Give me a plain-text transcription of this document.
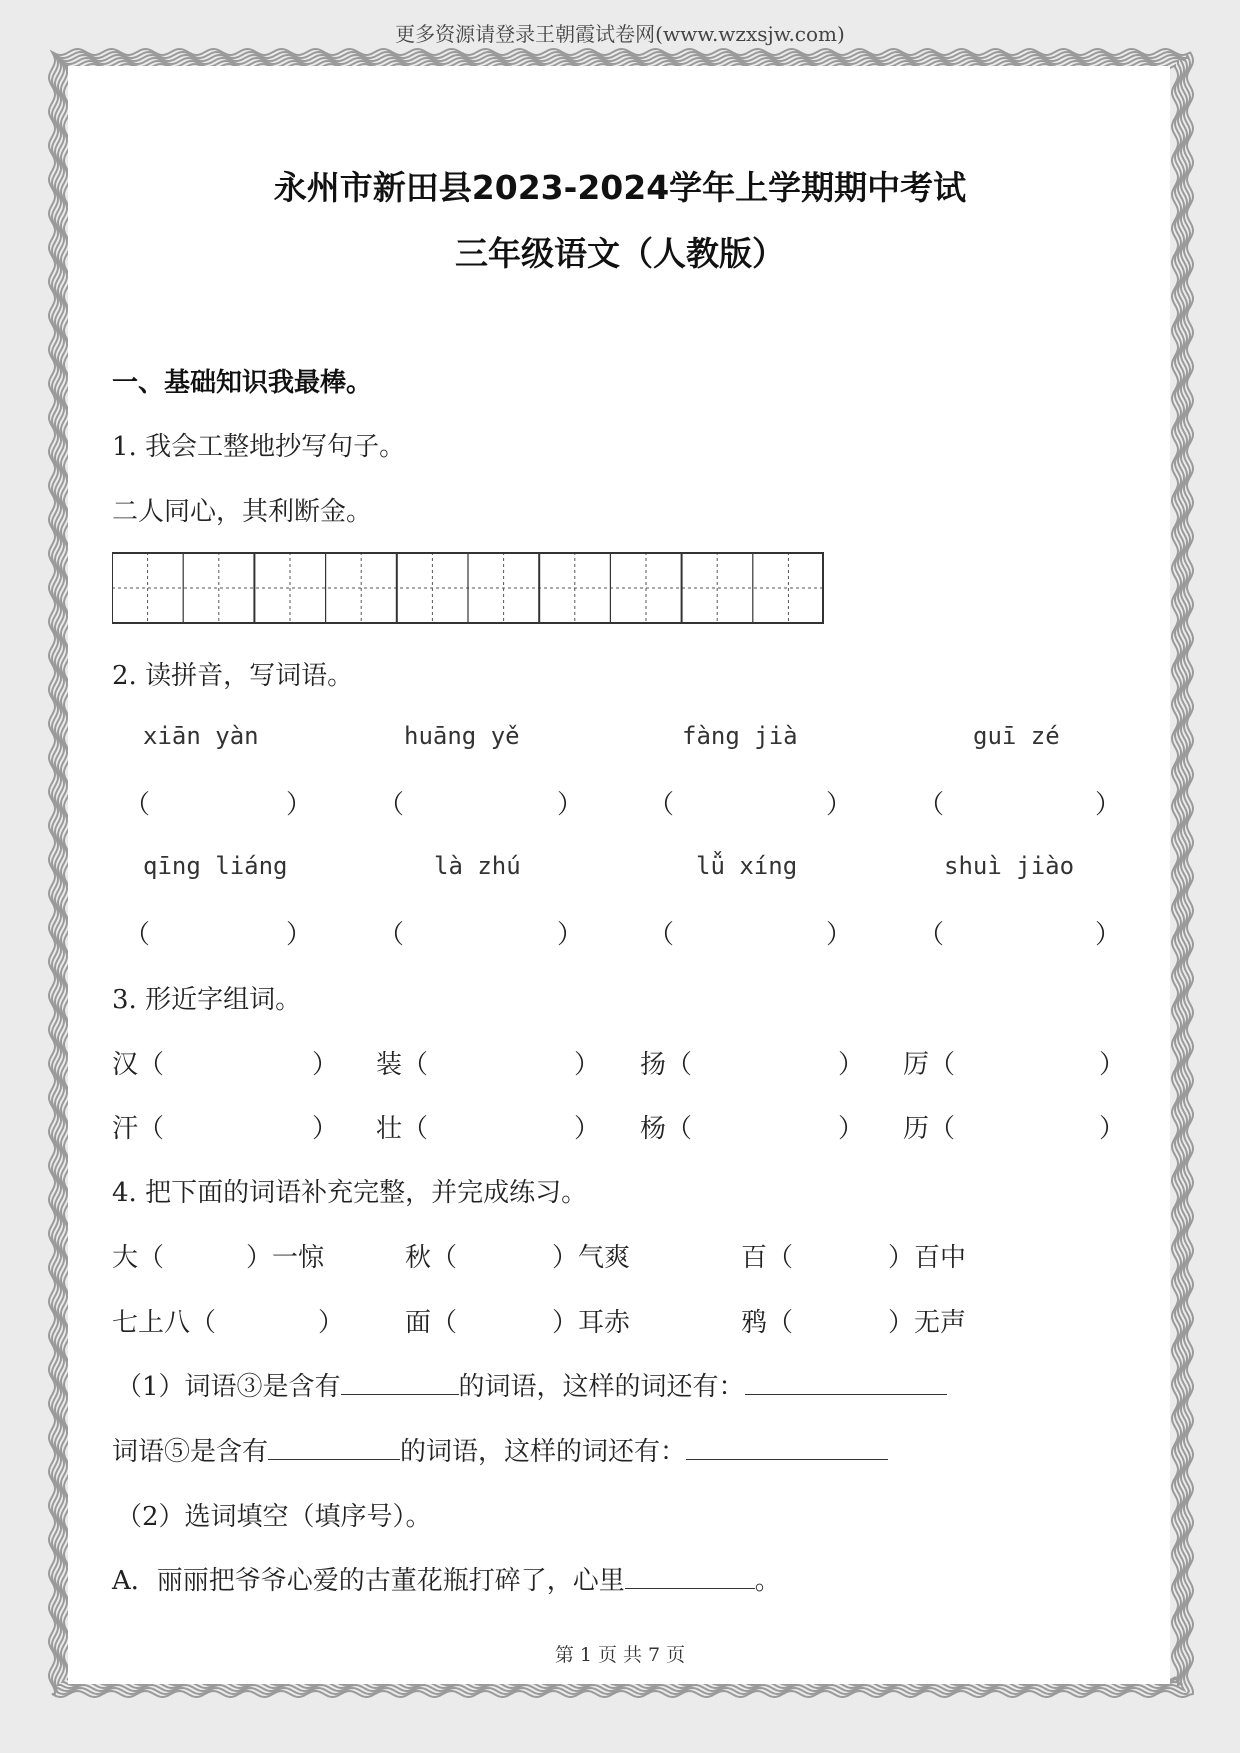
更多资源请登录王朝霞试卷网(www.wzxsjw.com)
永州市新田县2023-2024学年上学期期中考试
三年级语文（人教版）
一、基础知识我最棒。
1. 我会工整地抄写句子。
二人同心，其利断金。
2. 读拼音，写词语。
xiān yàn	huāng yě	fàng jià	guī zé
（	）	（	） （	）	（	）
qīng liáng	là zhú	lǚ xíng	shuì jiào
（	）	（	） （	）	（	）
3. 形近字组词。
汉（	） 装（	） 扬（	） 厉（	）
汗（	） 壮（	） 杨（	） 历（	）
4. 把下面的词语补充完整，并完成练习。
大（	）一惊	秋（	）气爽	百（	）百中
七上八（	） 面（	）耳赤	鸦（	）无声
（1）词语③是含有	的词语，这样的词还有：
词语⑤是含有	的词语，这样的词还有：
（2）选词填空（填序号）。
A．丽丽把爷爷心爱的古董花瓶打碎了，心里	。
第 1 页 共 7 页
